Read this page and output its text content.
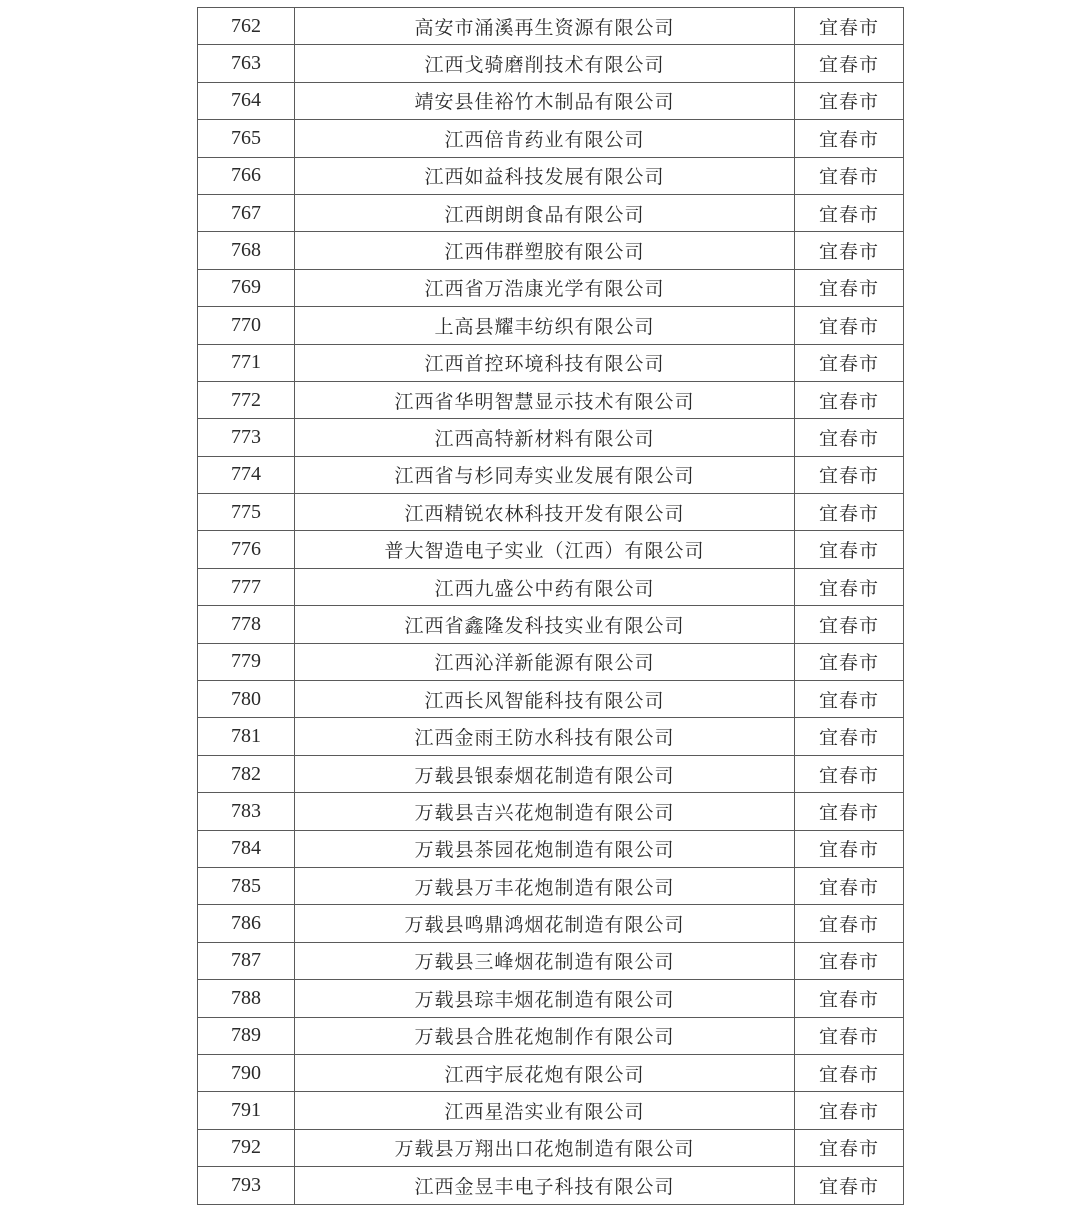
762	高安市涌溪再生资源有限公司	宜春市
763	江西戈骑磨削技术有限公司	宜春市
764	靖安县佳裕竹木制品有限公司	宜春市
765	江西倍肯药业有限公司	宜春市
766	江西如益科技发展有限公司	宜春市
767	江西朗朗食品有限公司	宜春市
768	江西伟群塑胶有限公司	宜春市
769	江西省万浩康光学有限公司	宜春市
770	上高县耀丰纺织有限公司	宜春市
771	江西首控环境科技有限公司	宜春市
772	江西省华明智慧显示技术有限公司	宜春市
773	江西高特新材料有限公司	宜春市
774	江西省与杉同寿实业发展有限公司	宜春市
775	江西精锐农林科技开发有限公司	宜春市
776	普大智造电子实业（江西）有限公司	宜春市
777	江西九盛公中药有限公司	宜春市
778	江西省鑫隆发科技实业有限公司	宜春市
779	江西沁洋新能源有限公司	宜春市
780	江西长风智能科技有限公司	宜春市
781	江西金雨王防水科技有限公司	宜春市
782	万载县银泰烟花制造有限公司	宜春市
783	万载县吉兴花炮制造有限公司	宜春市
784	万载县茶园花炮制造有限公司	宜春市
785	万载县万丰花炮制造有限公司	宜春市
786	万载县鸣鼎鸿烟花制造有限公司	宜春市
787	万载县三峰烟花制造有限公司	宜春市
788	万载县琮丰烟花制造有限公司	宜春市
789	万载县合胜花炮制作有限公司	宜春市
790	江西宇辰花炮有限公司	宜春市
791	江西星浩实业有限公司	宜春市
792	万载县万翔出口花炮制造有限公司	宜春市
793	江西金昱丰电子科技有限公司	宜春市
